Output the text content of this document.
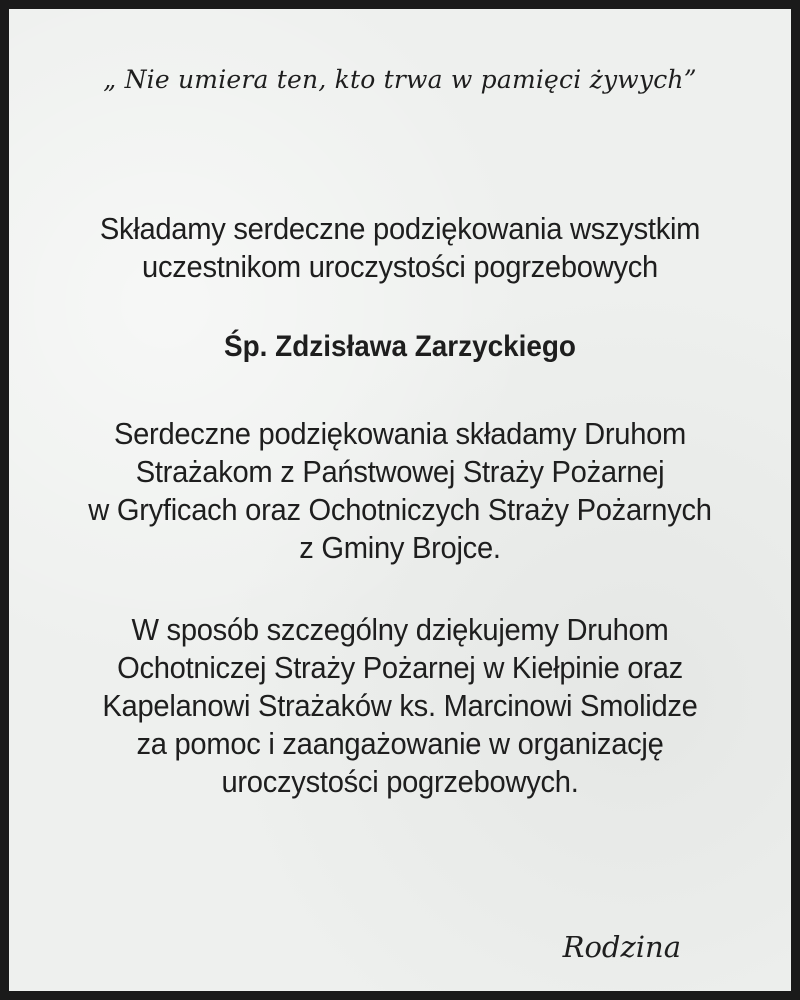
„ Nie umiera ten, kto trwa w pamięci żywych”
Składamy serdeczne podziękowania wszystkim
uczestnikom uroczystości pogrzebowych
Śp. Zdzisława Zarzyckiego
Serdeczne podziękowania składamy Druhom
Strażakom z Państwowej Straży Pożarnej
w Gryficach oraz Ochotniczych Straży Pożarnych
z Gminy Brojce.
W sposób szczególny dziękujemy Druhom
Ochotniczej Straży Pożarnej w Kiełpinie oraz
Kapelanowi Strażaków ks. Marcinowi Smolidze
za pomoc i zaangażowanie w organizację
uroczystości pogrzebowych.
Rodzina
